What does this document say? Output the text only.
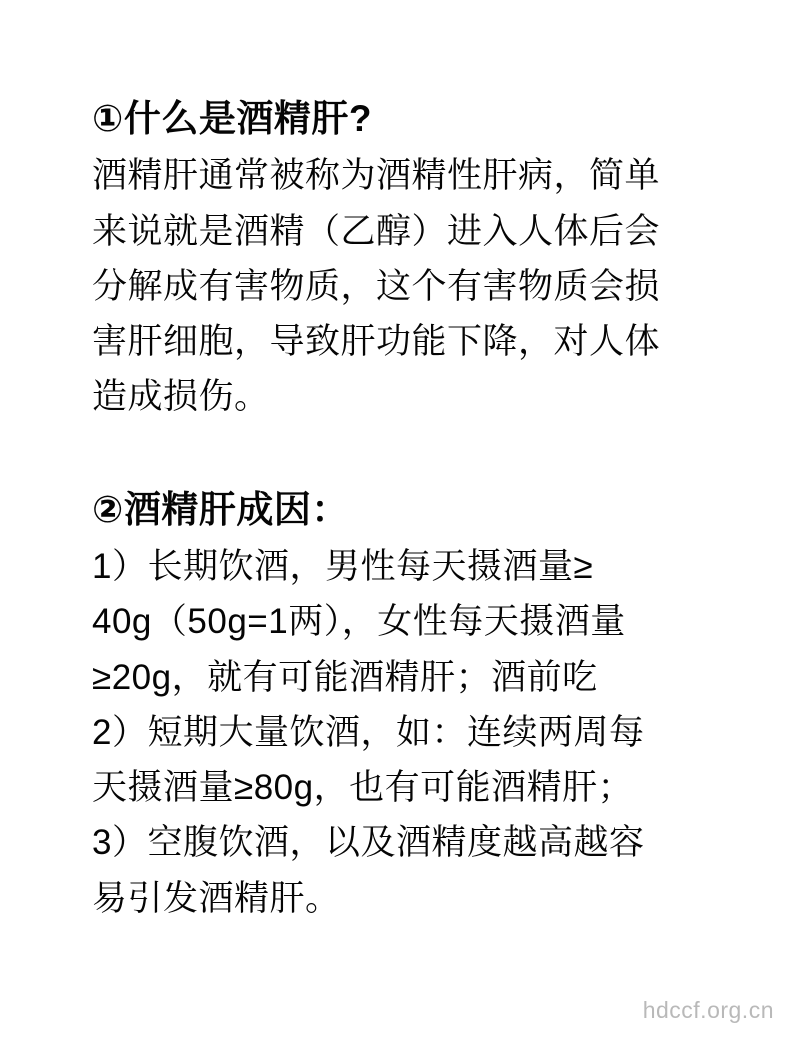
①什么是酒精肝?

酒精肝通常被称为酒精性肝病，简单
来说就是酒精（乙醇）进入人体后会
分解成有害物质，这个有害物质会损
害肝细胞，导致肝功能下降，对人体
造成损伤。

②酒精肝成因：

1）长期饮酒，男性每天摄酒量≥
40g（50g=1两），女性每天摄酒量
≥20g，就有可能酒精肝；酒前吃
2）短期大量饮酒，如：连续两周每
天摄酒量≥80g，也有可能酒精肝；
3）空腹饮酒，以及酒精度越高越容
易引发酒精肝。

hdccf.org.cn
